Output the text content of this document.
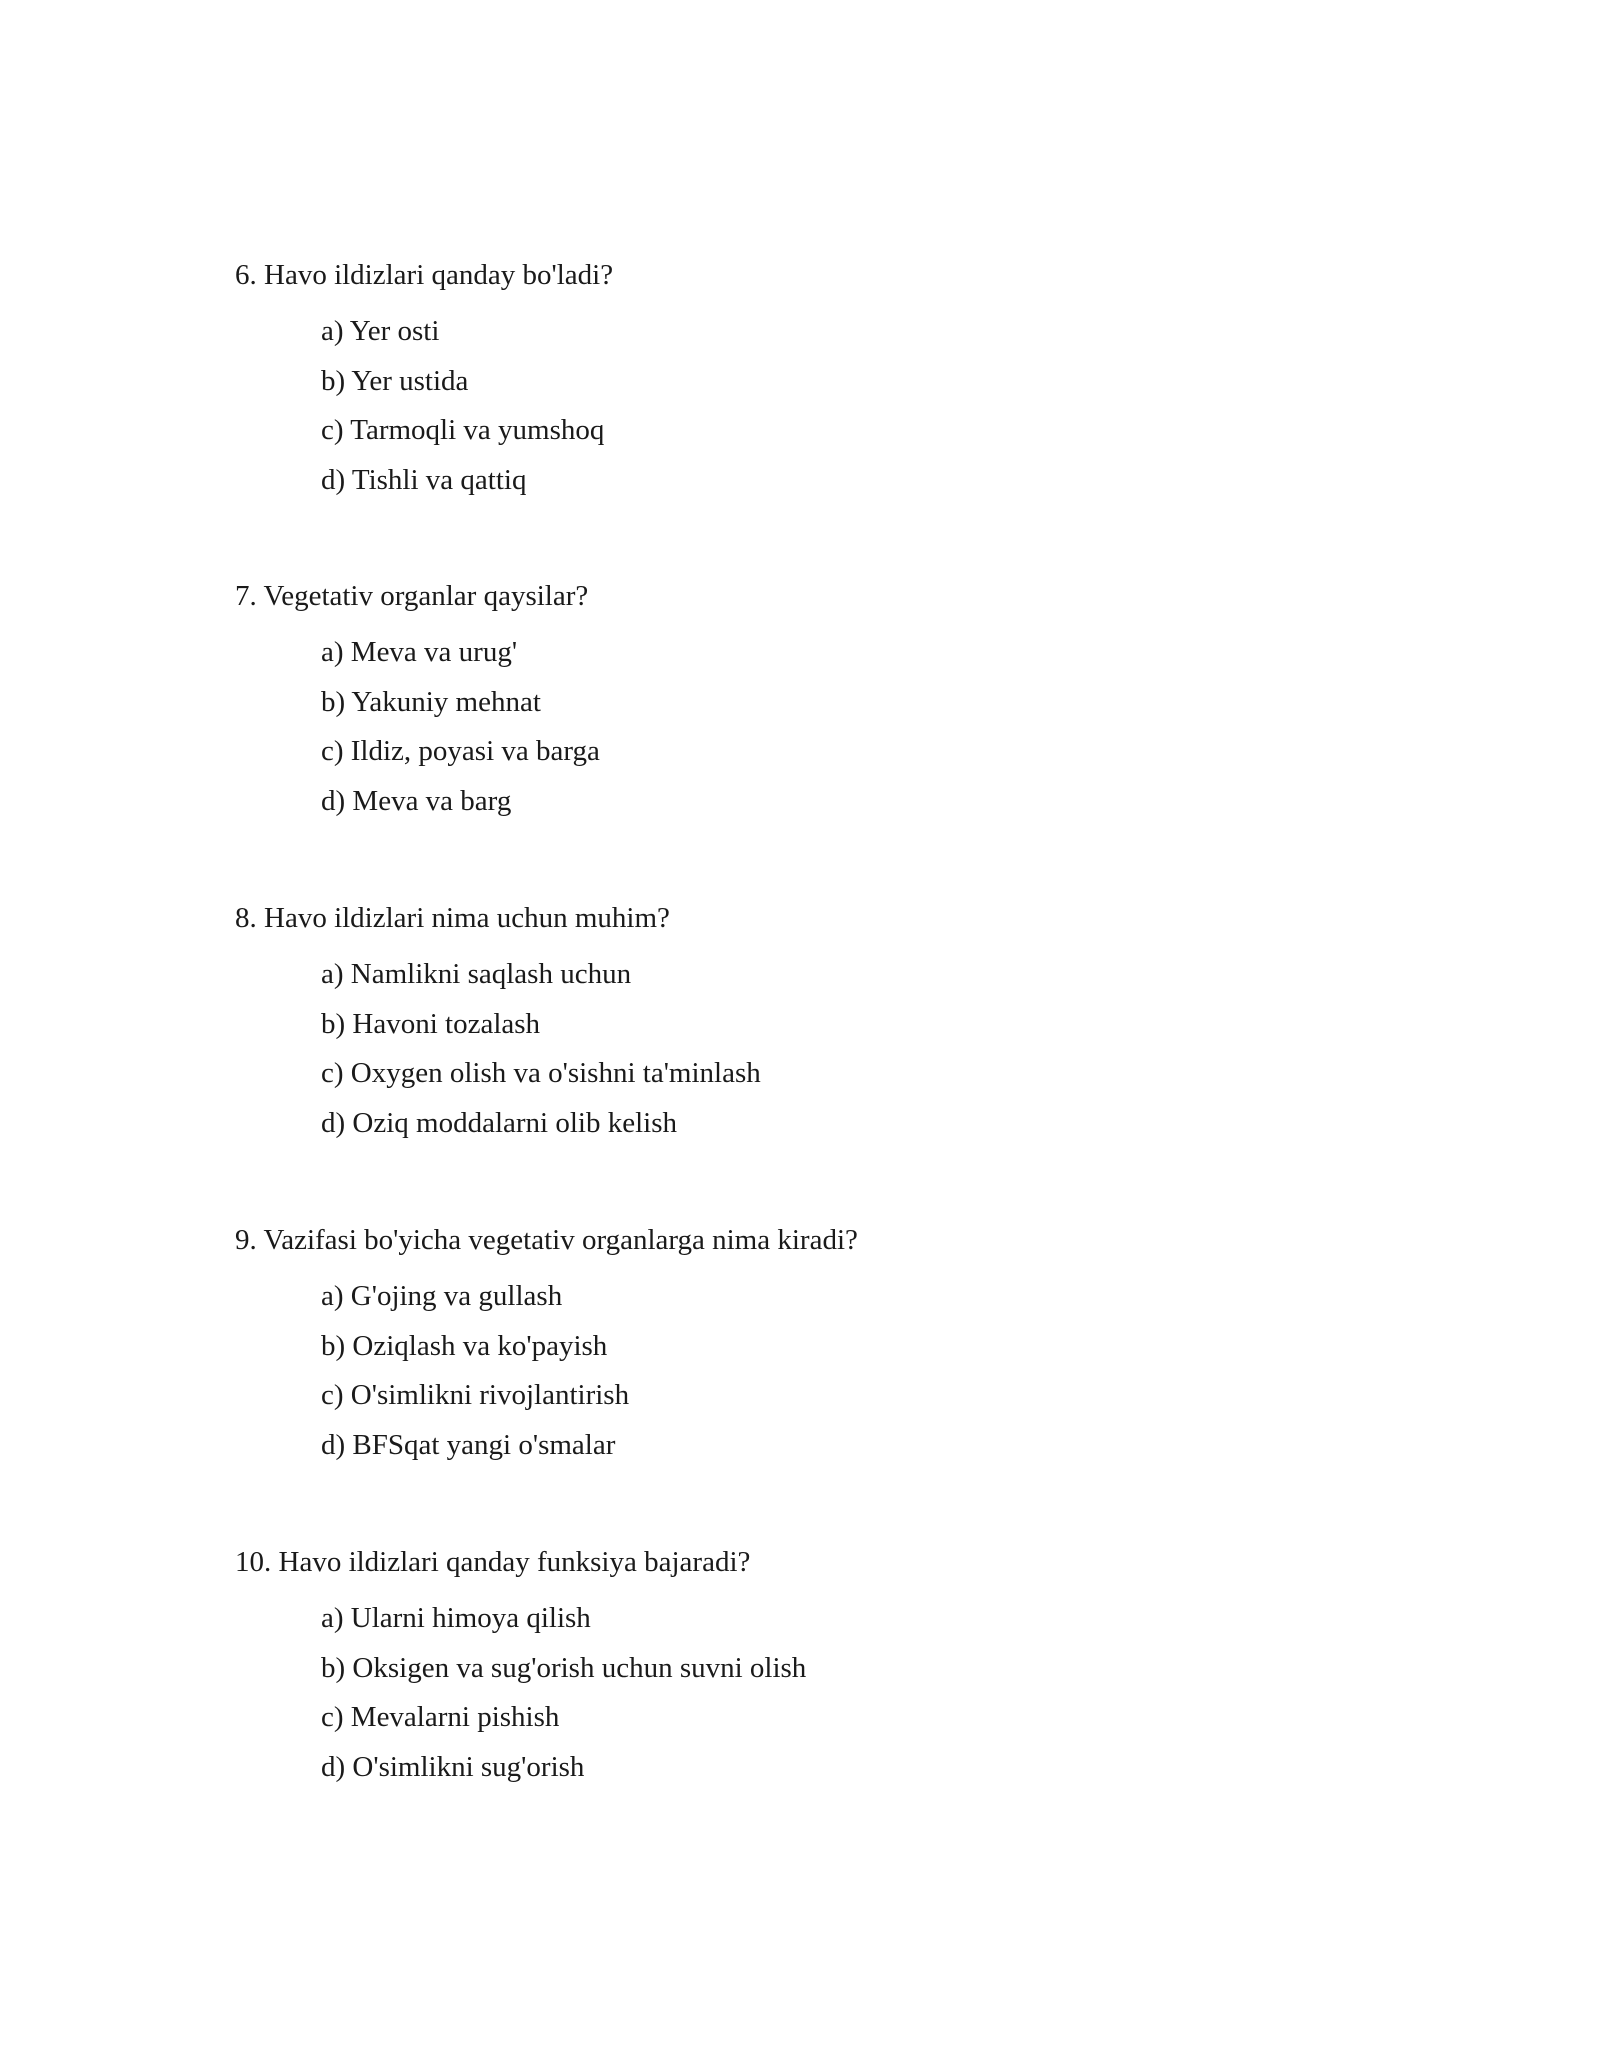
6. Havo ildizlari qanday bo'ladi?
a) Yer osti
b) Yer ustida
c) Tarmoqli va yumshoq
d) Tishli va qattiq
7. Vegetativ organlar qaysilar?
a) Meva va urug'
b) Yakuniy mehnat
c) Ildiz, poyasi va barga
d) Meva va barg
8. Havo ildizlari nima uchun muhim?
a) Namlikni saqlash uchun
b) Havoni tozalash
c) Oxygen olish va o'sishni ta'minlash
d) Oziq moddalarni olib kelish
9. Vazifasi bo'yicha vegetativ organlarga nima kiradi?
a) G'ojing va gullash
b) Oziqlash va ko'payish
c) O'simlikni rivojlantirish
d) BFSqat yangi o'smalar
10. Havo ildizlari qanday funksiya bajaradi?
a) Ularni himoya qilish
b) Oksigen va sug'orish uchun suvni olish
c) Mevalarni pishish
d) O'simlikni sug'orish
